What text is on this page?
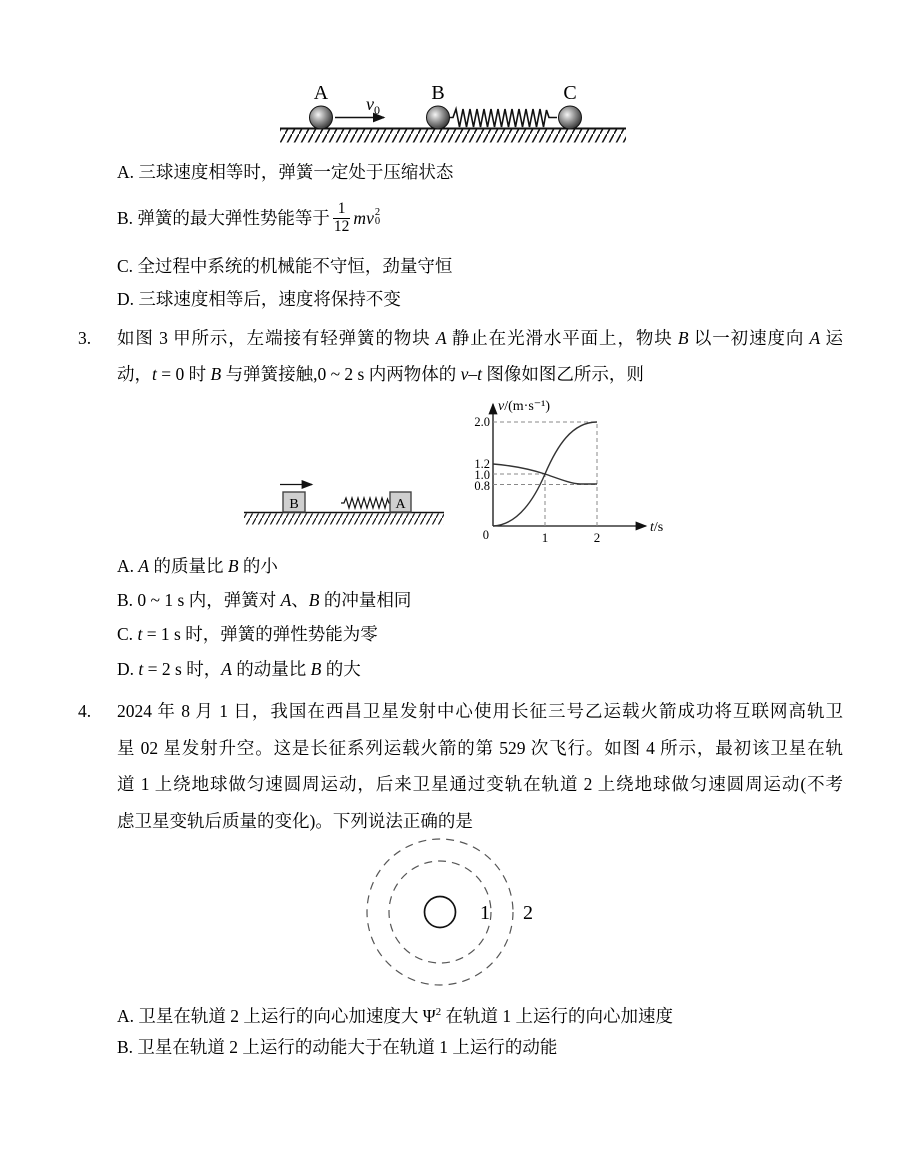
A	B	C
$v_0$
A. 三球速度相等时，弹簧一定处于压缩状态
B. 弹簧的最大弹性势能等于 $\frac{1}{12}$ m v 2
0
C. 全过程中系统的机械能不守恒，劲量守恒
D. 三球速度相等后，速度将保持不变
3. 如图 3 甲所示，左端接有轻弹簧的物块 A 静止在光滑水平面上，物块 B 以一初速度向 A 运
动，t = 0 时 B 与弹簧接触,0 ~ 2 s 内两物体的 v–t 图像如图乙所示，则
B	A
v/(m·s⁻¹)
t/s
2.0
1.2
1.0
0.8
0	1	2
A. A 的质量比 B 的小
B. 0 ~ 1 s 内，弹簧对 A、B 的冲量相同
C. t = 1 s 时，弹簧的弹性势能为零
D. t = 2 s 时，A 的动量比 B 的大
4. 2024 年 8 月 1 日，我国在西昌卫星发射中心使用长征三号乙运载火箭成功将互联网高轨卫
星 02 星发射升空。这是长征系列运载火箭的第 529 次飞行。如图 4 所示，最初该卫星在轨
道 1 上绕地球做匀速圆周运动，后来卫星通过变轨在轨道 2 上绕地球做匀速圆周运动(不考
虑卫星变轨后质量的变化)。下列说法正确的是
1 2
A. 卫星在轨道 2 上运行的向心加速度大 $\Psi^2$ 在轨道 1 上运行的向心加速度
B. 卫星在轨道 2 上运行的动能大于在轨道 1 上运行的动能
